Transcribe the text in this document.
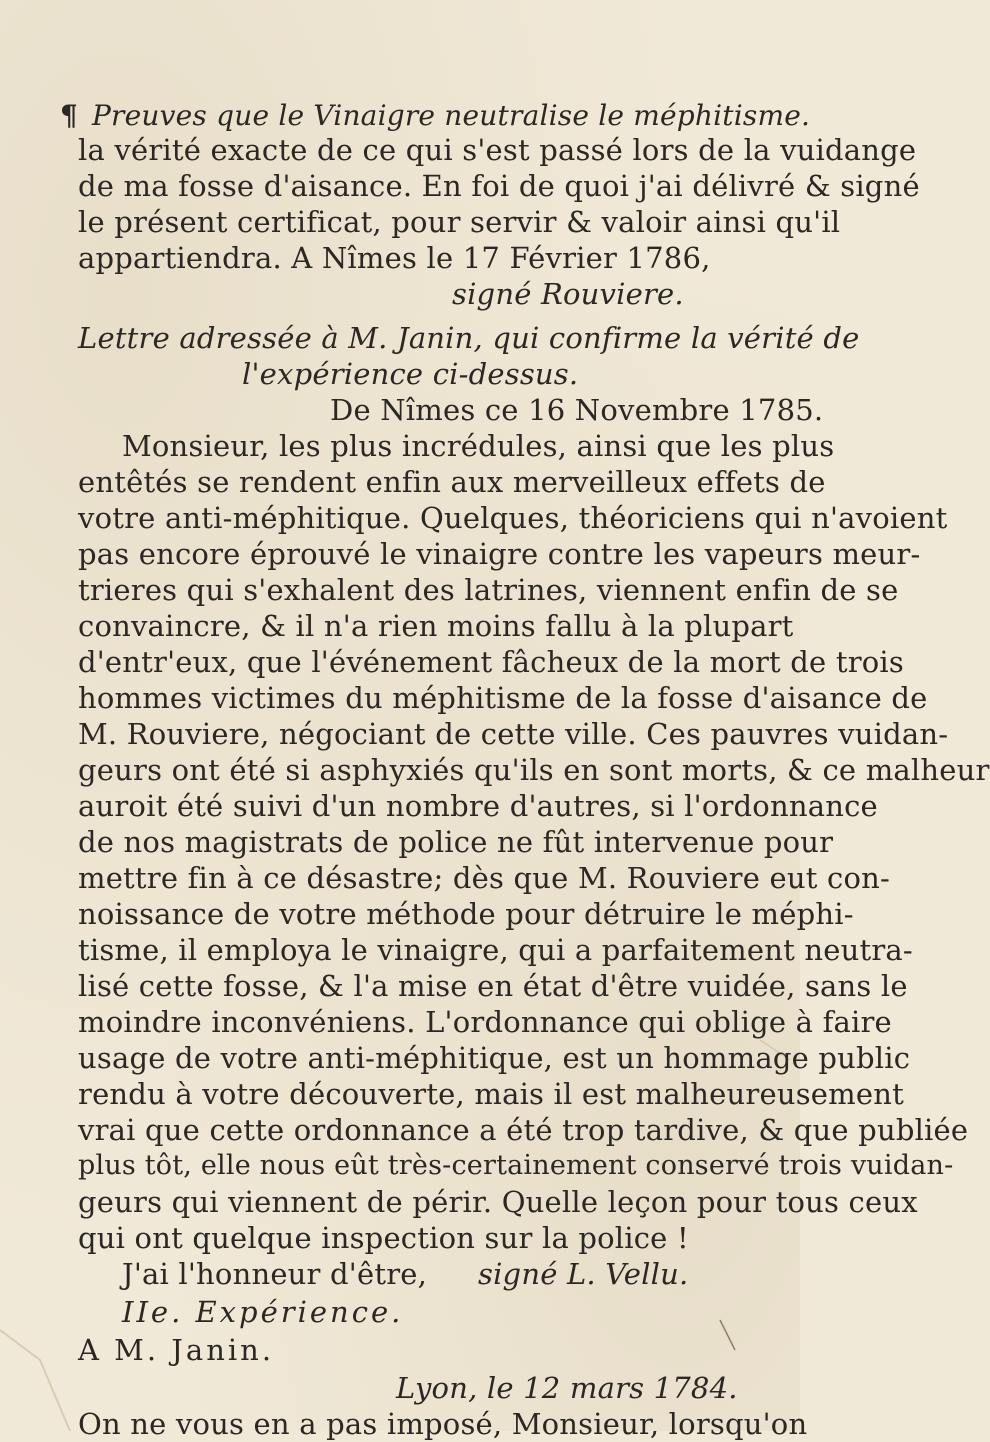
¶ Preuves que le Vinaigre neutralise le méphitisme.
la vérité exacte de ce qui s'est passé lors de la vuidange
de ma fosse d'aisance. En foi de quoi j'ai délivré & signé
le présent certificat, pour servir & valoir ainsi qu'il
appartiendra. A Nîmes le 17 Février 1786,
signé Rouviere.
Lettre adressée à M. Janin, qui confirme la vérité de
l'expérience ci-dessus.
De Nîmes ce 16 Novembre 1785.
Monsieur, les plus incrédules, ainsi que les plus
entêtés se rendent enfin aux merveilleux effets de
votre anti-méphitique. Quelques, théoriciens qui n'avoient
pas encore éprouvé le vinaigre contre les vapeurs meur-
trieres qui s'exhalent des latrines, viennent enfin de se
convaincre, & il n'a rien moins fallu à la plupart
d'entr'eux, que l'événement fâcheux de la mort de trois
hommes victimes du méphitisme de la fosse d'aisance de
M. Rouviere, négociant de cette ville. Ces pauvres vuidan-
geurs ont été si asphyxiés qu'ils en sont morts, & ce malheur
auroit été suivi d'un nombre d'autres, si l'ordonnance
de nos magistrats de police ne fût intervenue pour
mettre fin à ce désastre; dès que M. Rouviere eut con-
noissance de votre méthode pour détruire le méphi-
tisme, il employa le vinaigre, qui a parfaitement neutra-
lisé cette fosse, & l'a mise en état d'être vuidée, sans le
moindre inconvéniens. L'ordonnance qui oblige à faire
usage de votre anti-méphitique, est un hommage public
rendu à votre découverte, mais il est malheureusement
vrai que cette ordonnance a été trop tardive, & que publiée
plus tôt, elle nous eût très-certainement conservé trois vuidan-
geurs qui viennent de périr. Quelle leçon pour tous ceux
qui ont quelque inspection sur la police !
J'ai l'honneur d'être, signé L. Vellu.
IIe. Expérience.
A M. Janin.
Lyon, le 12 mars 1784.
On ne vous en a pas imposé, Monsieur, lorsqu'on
